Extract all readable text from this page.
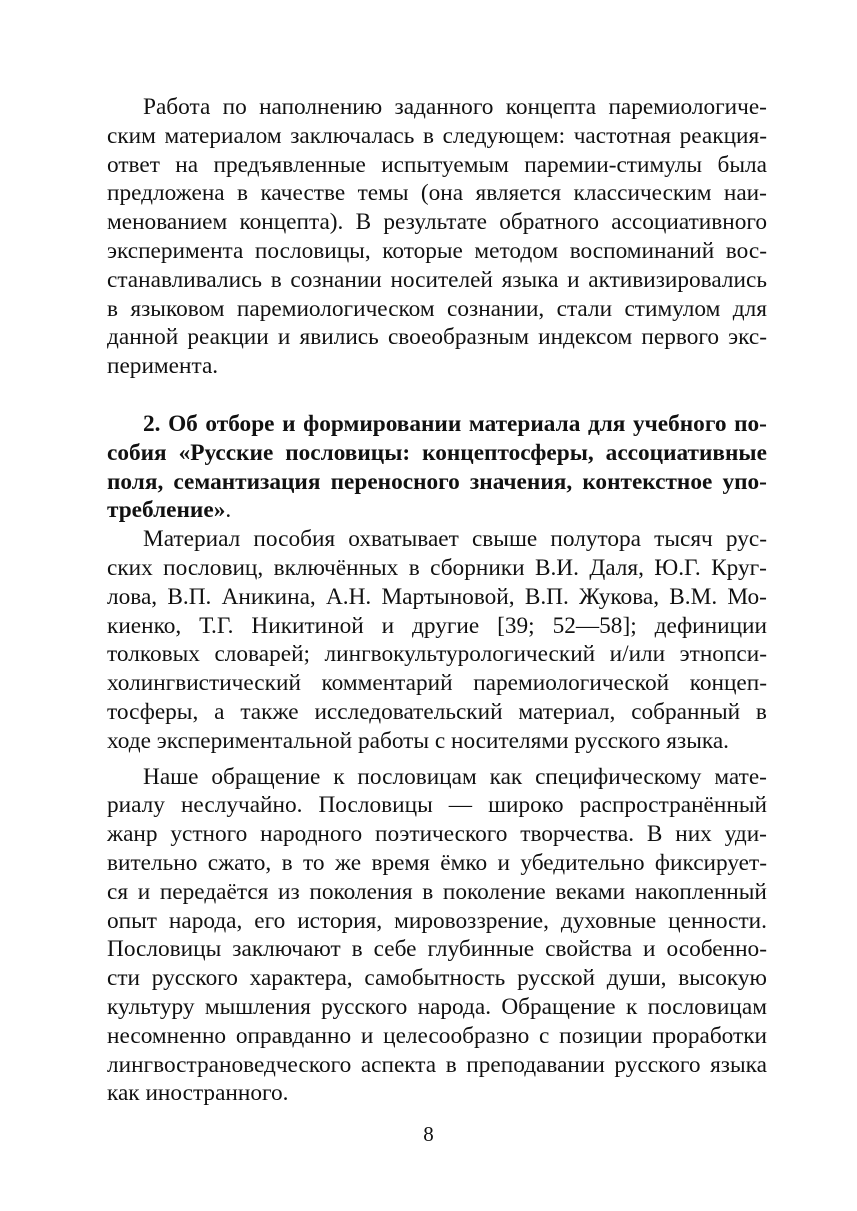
Работа по наполнению заданного концепта паремиологиче-
ским материалом заключалась в следующем: частотная реакция-
ответ на предъявленные испытуемым паремии-стимулы была
предложена в качестве темы (она является классическим наи-
менованием концепта). В результате обратного ассоциативного
эксперимента пословицы, которые методом воспоминаний вос-
станавливались в сознании носителей языка и активизировались
в языковом паремиологическом сознании, стали стимулом для
данной реакции и явились своеобразным индексом первого экс-
перимента.
2. Об отборе и формировании материала для учебного по-
собия «Русские пословицы: концептосферы, ассоциативные
поля, семантизация переносного значения, контекстное упо-
требление» .
Материал пособия охватывает свыше полутора тысяч рус-
ских пословиц, включённых в сборники В.И. Даля, Ю.Г. Круг-
лова, В.П. Аникина, А.Н. Мартыновой, В.П. Жукова, В.М. Мо-
киенко, Т.Г. Никитиной и другие [39; 52—58]; дефиниции
толковых словарей; лингвокультурологический и/или этнопси-
холингвистический комментарий паремиологической концеп-
тосферы, а также исследовательский материал, собранный в
ходе экспериментальной работы с носителями русского языка.
Наше обращение к пословицам как специфическому мате-
риалу неслучайно. Пословицы — широко распространённый
жанр устного народного поэтического творчества. В них уди-
вительно сжато, в то же время ёмко и убедительно фиксирует-
ся и передаётся из поколения в поколение веками накопленный
опыт народа, его история, мировоззрение, духовные ценности.
Пословицы заключают в себе глубинные свойства и особенно-
сти русского характера, самобытность русской души, высокую
культуру мышления русского народа. Обращение к пословицам
несомненно оправданно и целесообразно с позиции проработки
лингвострановедческого аспекта в преподавании русского языка
как иностранного.
8
